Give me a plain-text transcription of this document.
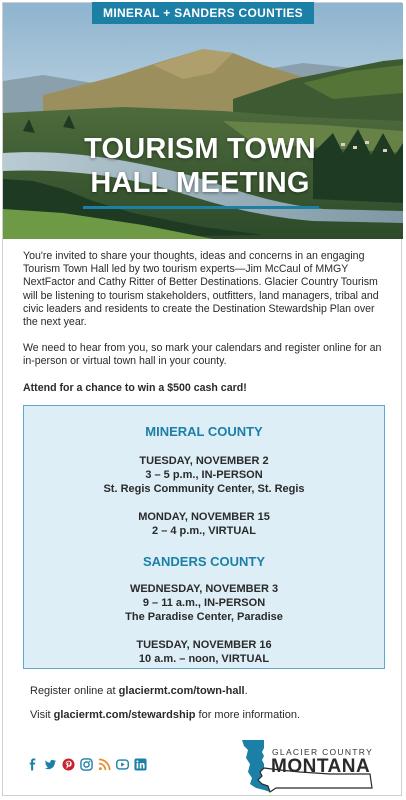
MINERAL + SANDERS COUNTIES
TOURISM TOWN
HALL MEETING

You're invited to share your thoughts, ideas and concerns in an engaging Tourism Town Hall led by two tourism experts—Jim McCaul of MMGY NextFactor and Cathy Ritter of Better Destinations. Glacier Country Tourism will be listening to tourism stakeholders, outfitters, land managers, tribal and civic leaders and residents to create the Destination Stewardship Plan over the next year.

We need to hear from you, so mark your calendars and register online for an in-person or virtual town hall in your county.

Attend for a chance to win a $500 cash card!

MINERAL COUNTY
TUESDAY, NOVEMBER 2
3 – 5 p.m., IN-PERSON
St. Regis Community Center, St. Regis
MONDAY, NOVEMBER 15
2 – 4 p.m., VIRTUAL
SANDERS COUNTY
WEDNESDAY, NOVEMBER 3
9 – 11 a.m., IN-PERSON
The Paradise Center, Paradise
TUESDAY, NOVEMBER 16
10 a.m. – noon, VIRTUAL
Register online at glaciermt.com/town-hall.
Visit glaciermt.com/stewardship for more information.
GLACIER COUNTRY
MONTANA
